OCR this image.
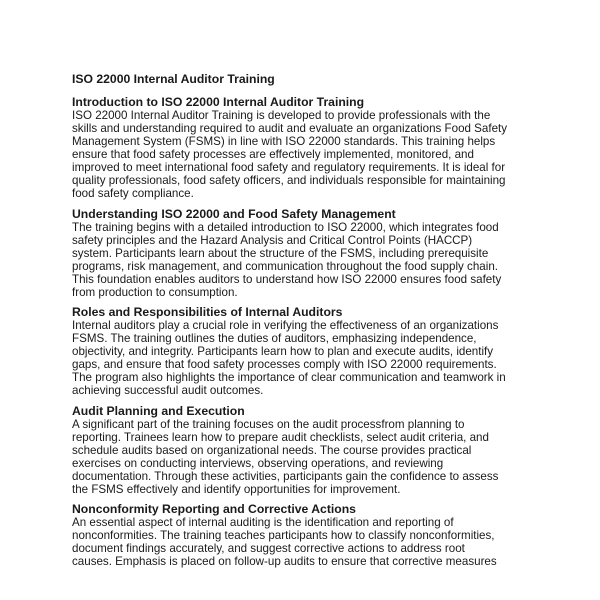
ISO 22000 Internal Auditor Training
Introduction to ISO 22000 Internal Auditor Training
ISO 22000 Internal Auditor Training is developed to provide professionals with the
skills and understanding required to audit and evaluate an organizations Food Safety
Management System (FSMS) in line with ISO 22000 standards. This training helps
ensure that food safety processes are effectively implemented, monitored, and
improved to meet international food safety and regulatory requirements. It is ideal for
quality professionals, food safety officers, and individuals responsible for maintaining
food safety compliance.
Understanding ISO 22000 and Food Safety Management
The training begins with a detailed introduction to ISO 22000, which integrates food
safety principles and the Hazard Analysis and Critical Control Points (HACCP)
system. Participants learn about the structure of the FSMS, including prerequisite
programs, risk management, and communication throughout the food supply chain.
This foundation enables auditors to understand how ISO 22000 ensures food safety
from production to consumption.
Roles and Responsibilities of Internal Auditors
Internal auditors play a crucial role in verifying the effectiveness of an organizations
FSMS. The training outlines the duties of auditors, emphasizing independence,
objectivity, and integrity. Participants learn how to plan and execute audits, identify
gaps, and ensure that food safety processes comply with ISO 22000 requirements.
The program also highlights the importance of clear communication and teamwork in
achieving successful audit outcomes.
Audit Planning and Execution
A significant part of the training focuses on the audit processfrom planning to
reporting. Trainees learn how to prepare audit checklists, select audit criteria, and
schedule audits based on organizational needs. The course provides practical
exercises on conducting interviews, observing operations, and reviewing
documentation. Through these activities, participants gain the confidence to assess
the FSMS effectively and identify opportunities for improvement.
Nonconformity Reporting and Corrective Actions
An essential aspect of internal auditing is the identification and reporting of
nonconformities. The training teaches participants how to classify nonconformities,
document findings accurately, and suggest corrective actions to address root
causes. Emphasis is placed on follow-up audits to ensure that corrective measures
